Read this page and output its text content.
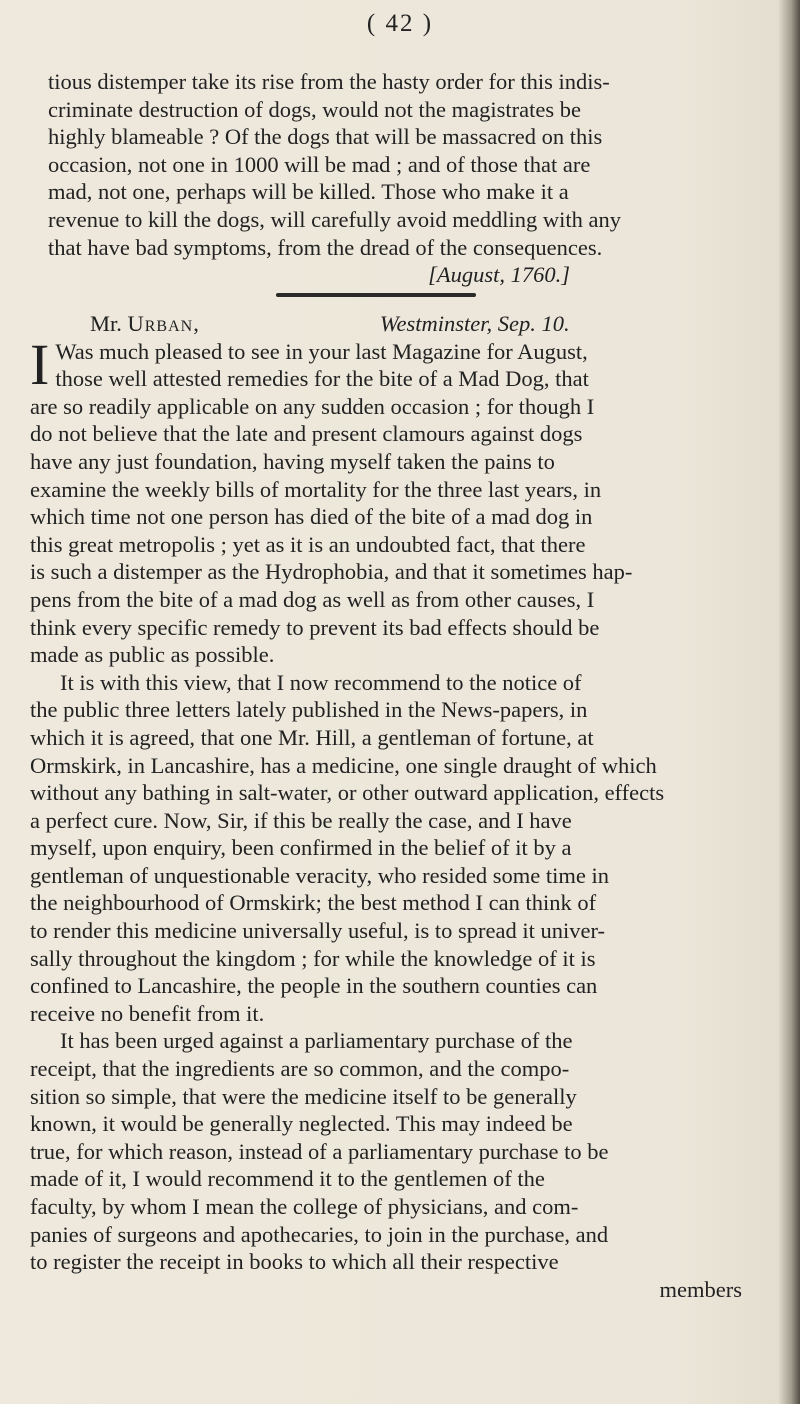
( 42 )
tious distemper take its rise from the hasty order for this indis-
criminate destruction of dogs, would not the magistrates be
highly blameable ? Of the dogs that will be massacred on this
occasion, not one in 1000 will be mad ; and of those that are
mad, not one, perhaps will be killed. Those who make it a
revenue to kill the dogs, will carefully avoid meddling with any
that have bad symptoms, from the dread of the consequences.
[August, 1760.]
Mr. Urban,	Westminster, Sep. 10.
I Was much pleased to see in your last Magazine for August,
those well attested remedies for the bite of a Mad Dog, that
are so readily applicable on any sudden occasion ; for though I
do not believe that the late and present clamours against dogs
have any just foundation, having myself taken the pains to
examine the weekly bills of mortality for the three last years, in
which time not one person has died of the bite of a mad dog in
this great metropolis ; yet as it is an undoubted fact, that there
is such a distemper as the Hydrophobia, and that it sometimes hap-
pens from the bite of a mad dog as well as from other causes, I
think every specific remedy to prevent its bad effects should be
made as public as possible.
It is with this view, that I now recommend to the notice of
the public three letters lately published in the News-papers, in
which it is agreed, that one Mr. Hill, a gentleman of fortune, at
Ormskirk, in Lancashire, has a medicine, one single draught of which
without any bathing in salt-water, or other outward application, effects
a perfect cure. Now, Sir, if this be really the case, and I have
myself, upon enquiry, been confirmed in the belief of it by a
gentleman of unquestionable veracity, who resided some time in
the neighbourhood of Ormskirk; the best method I can think of
to render this medicine universally useful, is to spread it univer-
sally throughout the kingdom ; for while the knowledge of it is
confined to Lancashire, the people in the southern counties can
receive no benefit from it.
It has been urged against a parliamentary purchase of the
receipt, that the ingredients are so common, and the compo-
sition so simple, that were the medicine itself to be generally
known, it would be generally neglected. This may indeed be
true, for which reason, instead of a parliamentary purchase to be
made of it, I would recommend it to the gentlemen of the
faculty, by whom I mean the college of physicians, and com-
panies of surgeons and apothecaries, to join in the purchase, and
to register the receipt in books to which all their respective
members
